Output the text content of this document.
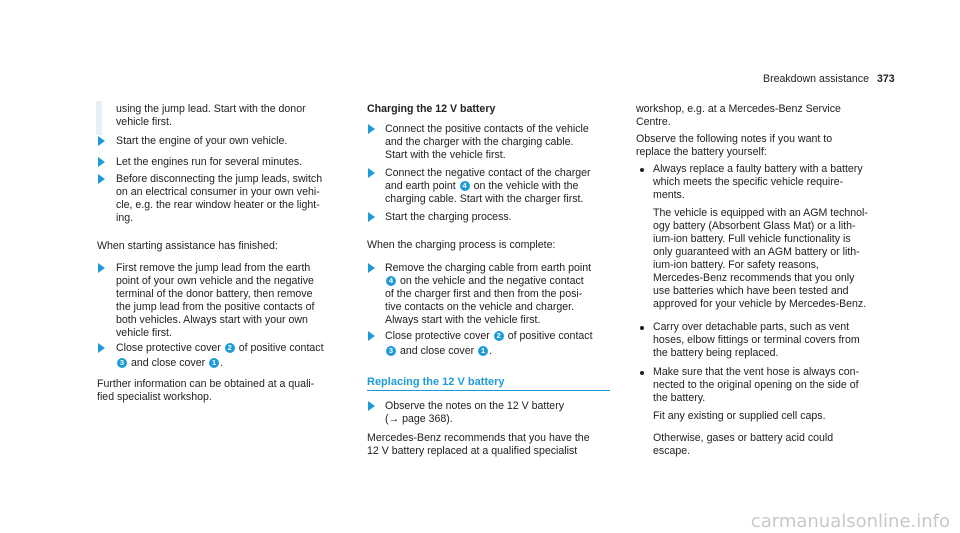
Breakdown assistance 373
using the jump lead. Start with the donor
vehicle first.
Start the engine of your own vehicle.
Let the engines run for several minutes.
Before disconnecting the jump leads, switch
on an electrical consumer in your own vehi-
cle, e.g. the rear window heater or the light-
ing.
When starting assistance has finished:
First remove the jump lead from the earth
point of your own vehicle and the negative
terminal of the donor battery, then remove
the jump lead from the positive contacts of
both vehicles. Always start with your own
vehicle first.
Close protective cover 2 of positive contact
3 and close cover 1 .
Further information can be obtained at a quali-
fied specialist workshop.
Charging the 12 V battery
Connect the positive contacts of the vehicle
and the charger with the charging cable.
Start with the vehicle first.
Connect the negative contact of the charger
and earth point 4 on the vehicle with the
charging cable. Start with the charger first.
Start the charging process.
When the charging process is complete:
Remove the charging cable from earth point
4 on the vehicle and the negative contact
of the charger first and then from the posi-
tive contacts on the vehicle and charger.
Always start with the vehicle first.
Close protective cover 2 of positive contact
3 and close cover 1 .
Replacing the 12 V battery
Observe the notes on the 12 V battery
(→ page 368).
Mercedes-Benz recommends that you have the
12 V battery replaced at a qualified specialist
workshop, e.g. at a Mercedes-Benz Service
Centre.
Observe the following notes if you want to
replace the battery yourself:
Always replace a faulty battery with a battery
which meets the specific vehicle require-
ments.
The vehicle is equipped with an AGM technol-
ogy battery (Absorbent Glass Mat) or a lith-
ium-ion battery. Full vehicle functionality is
only guaranteed with an AGM battery or lith-
ium-ion battery. For safety reasons,
Mercedes-Benz recommends that you only
use batteries which have been tested and
approved for your vehicle by Mercedes-Benz.
Carry over detachable parts, such as vent
hoses, elbow fittings or terminal covers from
the battery being replaced.
Make sure that the vent hose is always con-
nected to the original opening on the side of
the battery.
Fit any existing or supplied cell caps.
Otherwise, gases or battery acid could
escape.
carmanualsonline.info
